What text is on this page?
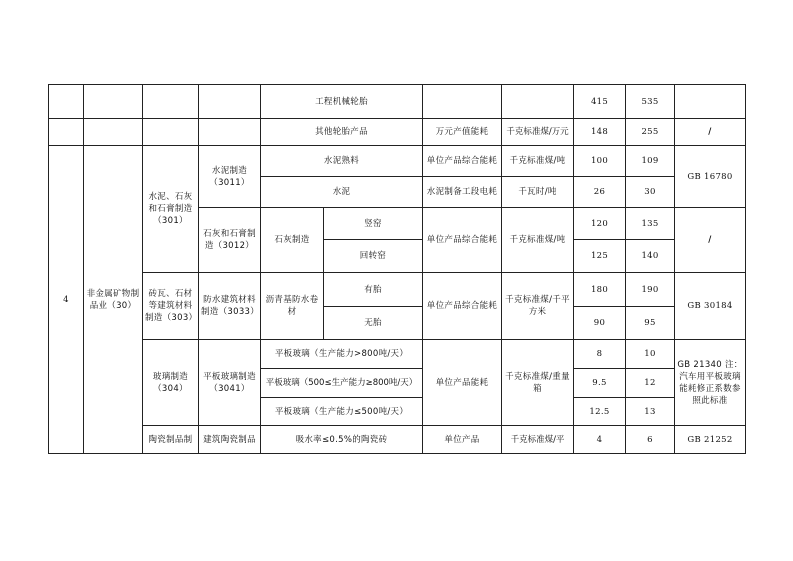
				工程机械轮胎				415	535	
				其他轮胎产品		万元产值能耗	千克标准煤/万元	148	255	/
4	非金属矿物制品业（30）	水泥、石灰和石膏制造（301）	水泥制造（3011）	水泥熟料		单位产品综合能耗	千克标准煤/吨	100	109	GB 16780
				水泥		水泥制备工段电耗	千瓦时/吨	26	30	
			石灰和石膏制造（3012）	石灰制造	竖窑	单位产品综合能耗	千克标准煤/吨	120	135	/
					回转窑			125	140	
		砖瓦、石材等建筑材料制造（303）	防水建筑材料制造（3033）	沥青基防水卷材	有胎	单位产品综合能耗	千克标准煤/千平方米	180	190	GB 30184
					无胎			90	95	
		玻璃制造（304）	平板玻璃制造（3041）	平板玻璃（生产能力>800吨/天）		单位产品能耗	千克标准煤/重量箱	8	10	GB 21340 注：汽车用平板玻璃能耗修正系数参照此标准
				平板玻璃（500≤生产能力≥800吨/天）				9.5	12	
				平板玻璃（生产能力≤500吨/天）				12.5	13	
		陶瓷制品制	建筑陶瓷制品	吸水率≤0.5%的陶瓷砖		单位产品	千克标准煤/平	4	6	GB 21252
